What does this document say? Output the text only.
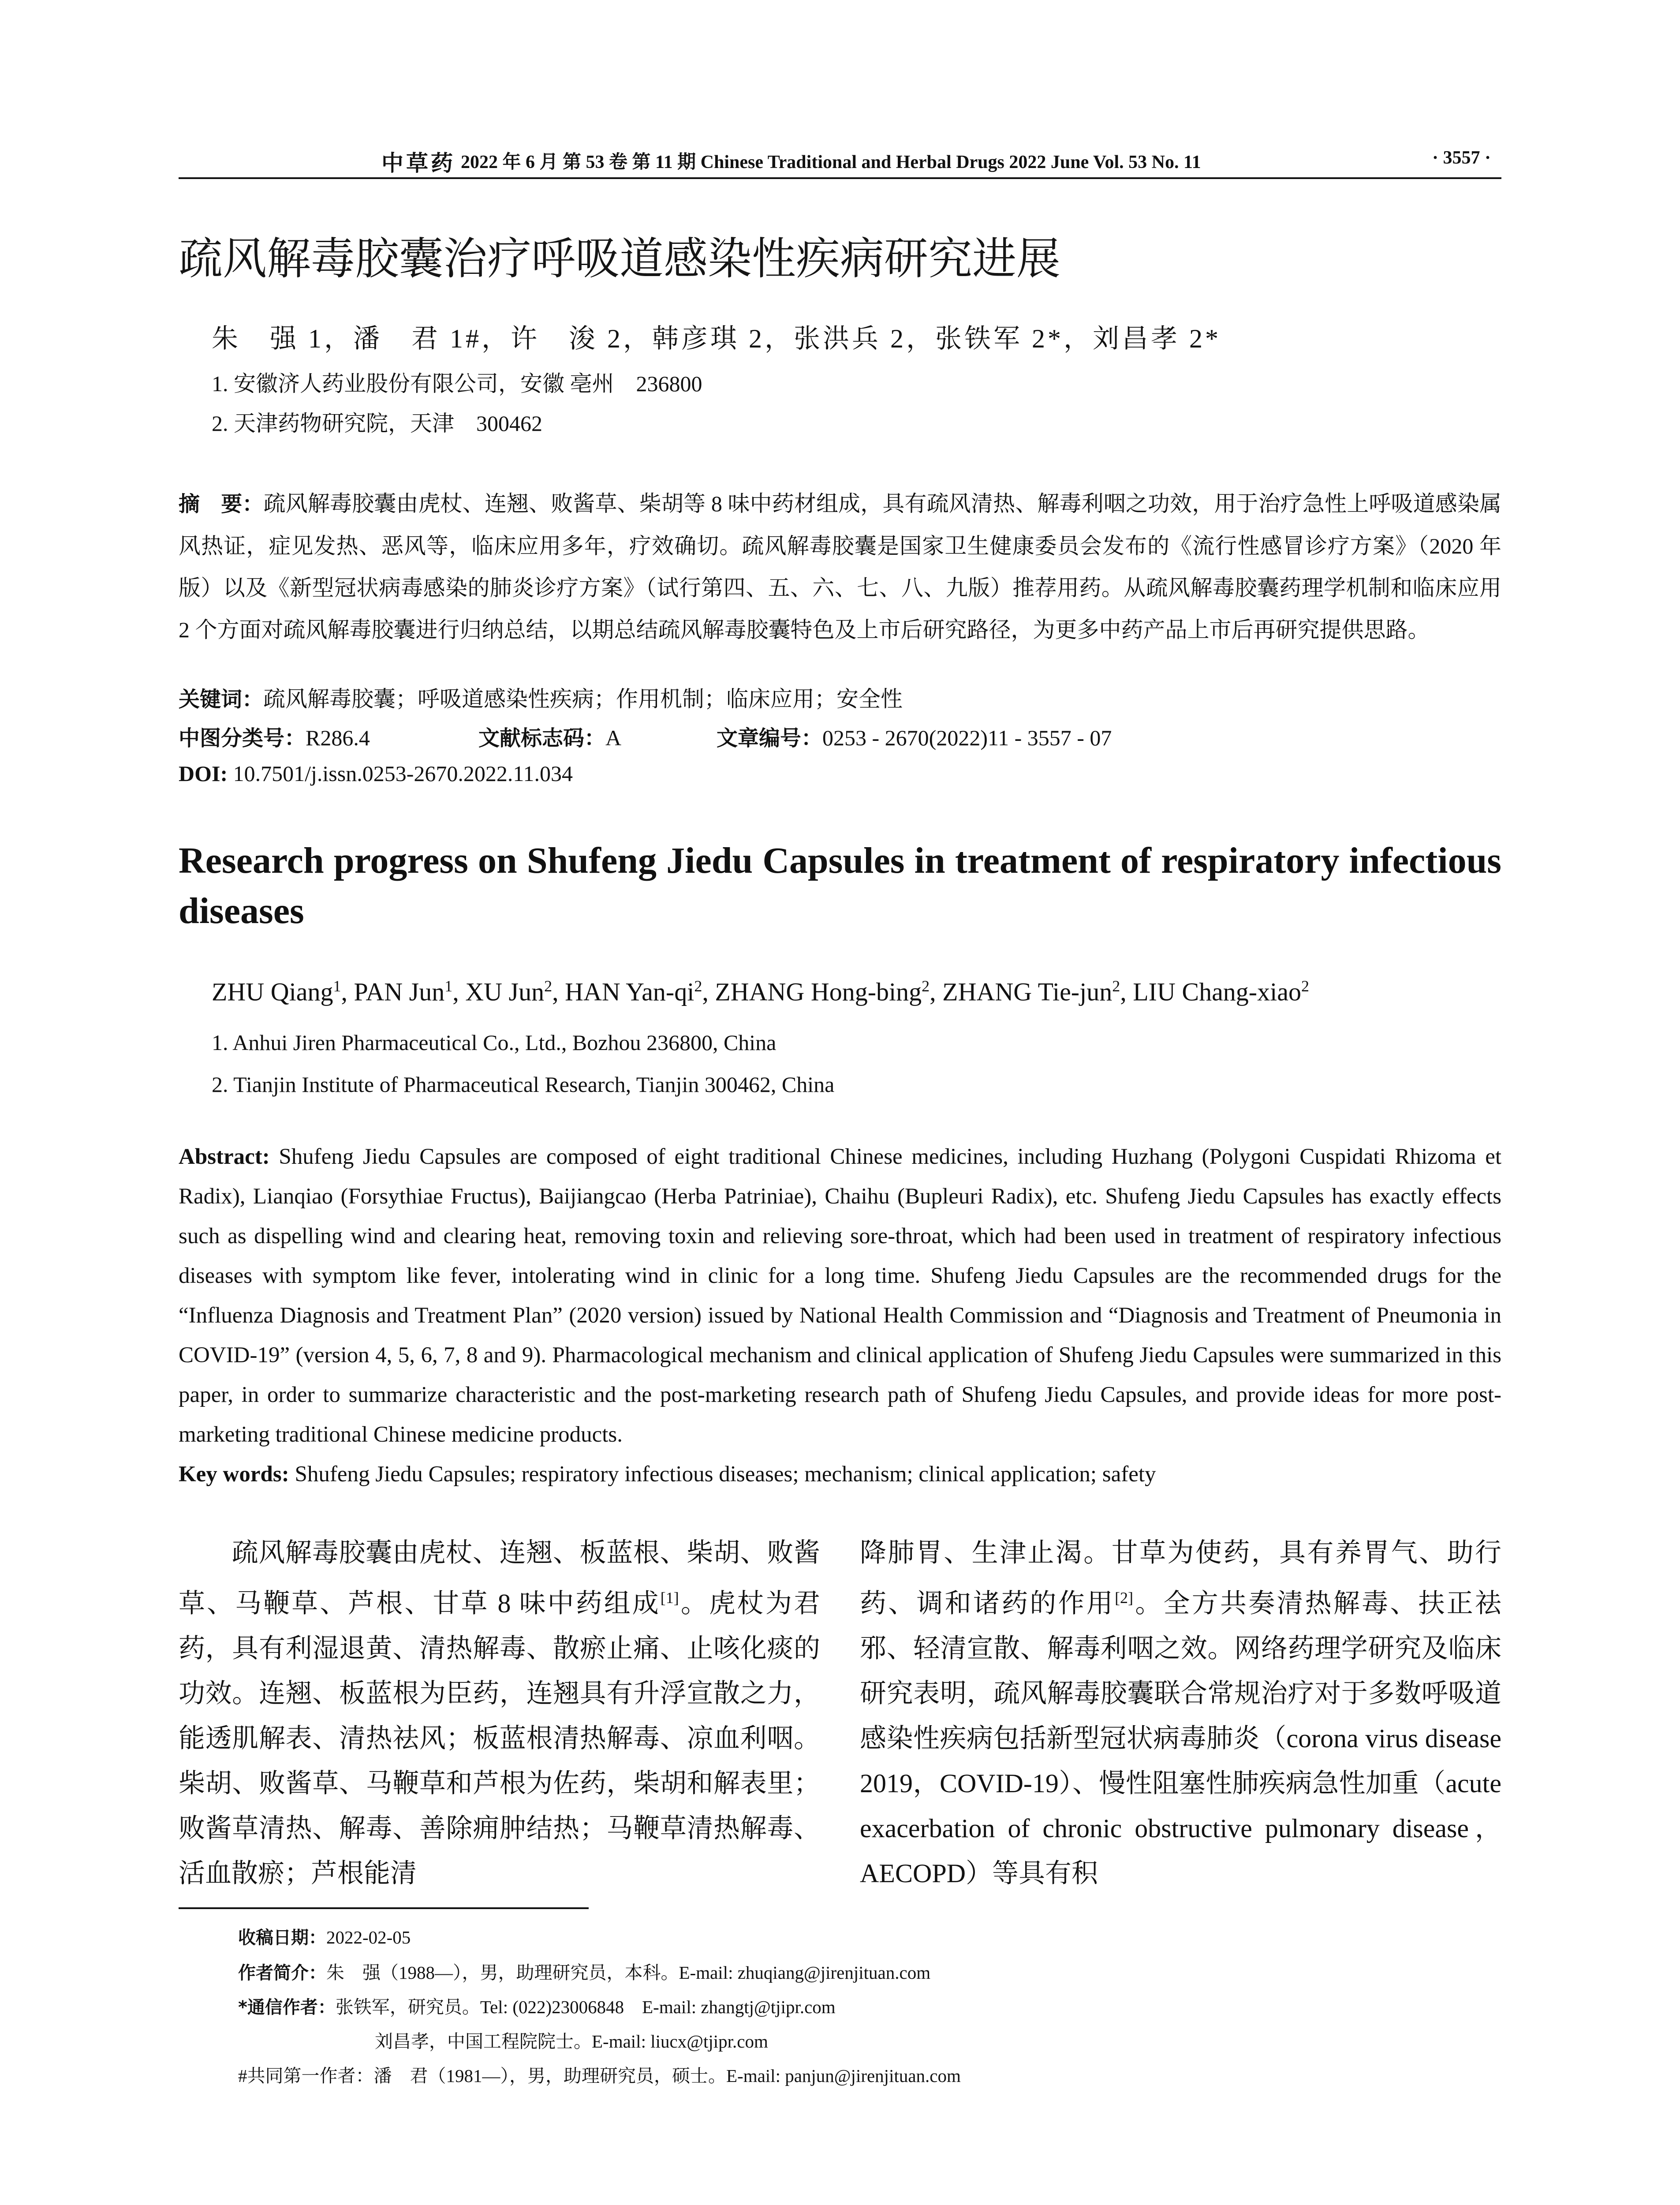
中草药 2022 年 6 月 第 53 卷 第 11 期 Chinese Traditional and Herbal Drugs 2022 June Vol. 53 No. 11	· 3557 ·
疏风解毒胶囊治疗呼吸道感染性疾病研究进展
朱　强 1，潘　君 1#，许　浚 2，韩彦琪 2，张洪兵 2，张铁军 2*，刘昌孝 2*
1. 安徽济人药业股份有限公司，安徽 亳州　236800
2. 天津药物研究院，天津　300462
摘　要：疏风解毒胶囊由虎杖、连翘、败酱草、柴胡等 8 味中药材组成，具有疏风清热、解毒利咽之功效，用于治疗急性上呼吸道感染属风热证，症见发热、恶风等，临床应用多年，疗效确切。疏风解毒胶囊是国家卫生健康委员会发布的《流行性感冒诊疗方案》（2020 年版）以及《新型冠状病毒感染的肺炎诊疗方案》（试行第四、五、六、七、八、九版）推荐用药。从疏风解毒胶囊药理学机制和临床应用 2 个方面对疏风解毒胶囊进行归纳总结，以期总结疏风解毒胶囊特色及上市后研究路径，为更多中药产品上市后再研究提供思路。
关键词：疏风解毒胶囊；呼吸道感染性疾病；作用机制；临床应用；安全性
中图分类号：R286.4	文献标志码：A	文章编号：0253 - 2670(2022)11 - 3557 - 07
DOI: 10.7501/j.issn.0253-2670.2022.11.034
Research progress on Shufeng Jiedu Capsules in treatment of respiratory infectious diseases
ZHU Qiang$^1$, PAN Jun$^1$, XU Jun$^2$, HAN Yan-$qi^2$, ZHANG Hong-bing$^2$, ZHANG Tie-jun$^2$, LIU Chang-xiao$^2$
1. Anhui Jiren Pharmaceutical Co., Ltd., Bozhou 236800, China
2. Tianjin Institute of Pharmaceutical Research, Tianjin 300462, China
Abstract: Shufeng Jiedu Capsules are composed of eight traditional Chinese medicines, including Huzhang (Polygoni Cuspidati Rhizoma et Radix), Lianqiao (Forsythiae Fructus), Baijiangcao (Herba Patriniae), Chaihu (Bupleuri Radix), etc. Shufeng Jiedu Capsules has exactly effects such as dispelling wind and clearing heat, removing toxin and relieving sore-throat, which had been used in treatment of respiratory infectious diseases with symptom like fever, intolerating wind in clinic for a long time. Shufeng Jiedu Capsules are the recommended drugs for the “Influenza Diagnosis and Treatment Plan” (2020 version) issued by National Health Commission and “Diagnosis and Treatment of Pneumonia in COVID-19” (version 4, 5, 6, 7, 8 and 9). Pharmacological mechanism and clinical application of Shufeng Jiedu Capsules were summarized in this paper, in order to summarize characteristic and the post-marketing research path of Shufeng Jiedu Capsules, and provide ideas for more post-marketing traditional Chinese medicine products.
Key words: Shufeng Jiedu Capsules; respiratory infectious diseases; mechanism; clinical application; safety
疏风解毒胶囊由虎杖、连翘、板蓝根、柴胡、败酱草、马鞭草、芦根、甘草 8 味中药组成[1]。虎杖为君药，具有利湿退黄、清热解毒、散瘀止痛、止咳化痰的功效。连翘、板蓝根为臣药，连翘具有升浮宣散之力，能透肌解表、清热祛风；板蓝根清热解毒、凉血利咽。柴胡、败酱草、马鞭草和芦根为佐药，柴胡和解表里；败酱草清热、解毒、善除痈肿结热；马鞭草清热解毒、活血散瘀；芦根能清
降肺胃、生津止渴。甘草为使药，具有养胃气、助行药、调和诸药的作用[2]。全方共奏清热解毒、扶正祛邪、轻清宣散、解毒利咽之效。网络药理学研究及临床研究表明，疏风解毒胶囊联合常规治疗对于多数呼吸道感染性疾病包括新型冠状病毒肺炎（corona virus disease 2019，COVID-19）、慢性阻塞性肺疾病急性加重（acute exacerbation of chronic obstructive pulmonary disease，AECOPD）等具有积
收稿日期：2022-02-05
作者简介：朱　强（1988—），男，助理研究员，本科。E-mail: zhuqiang@jirenjituan.com
*通信作者：张铁军，研究员。Tel: (022)23006848　E-mail: zhangtj@tjipr.com
刘昌孝，中国工程院院士。E-mail: liucx@tjipr.com
#共同第一作者：潘　君（1981—），男，助理研究员，硕士。E-mail: panjun@jirenjituan.com
